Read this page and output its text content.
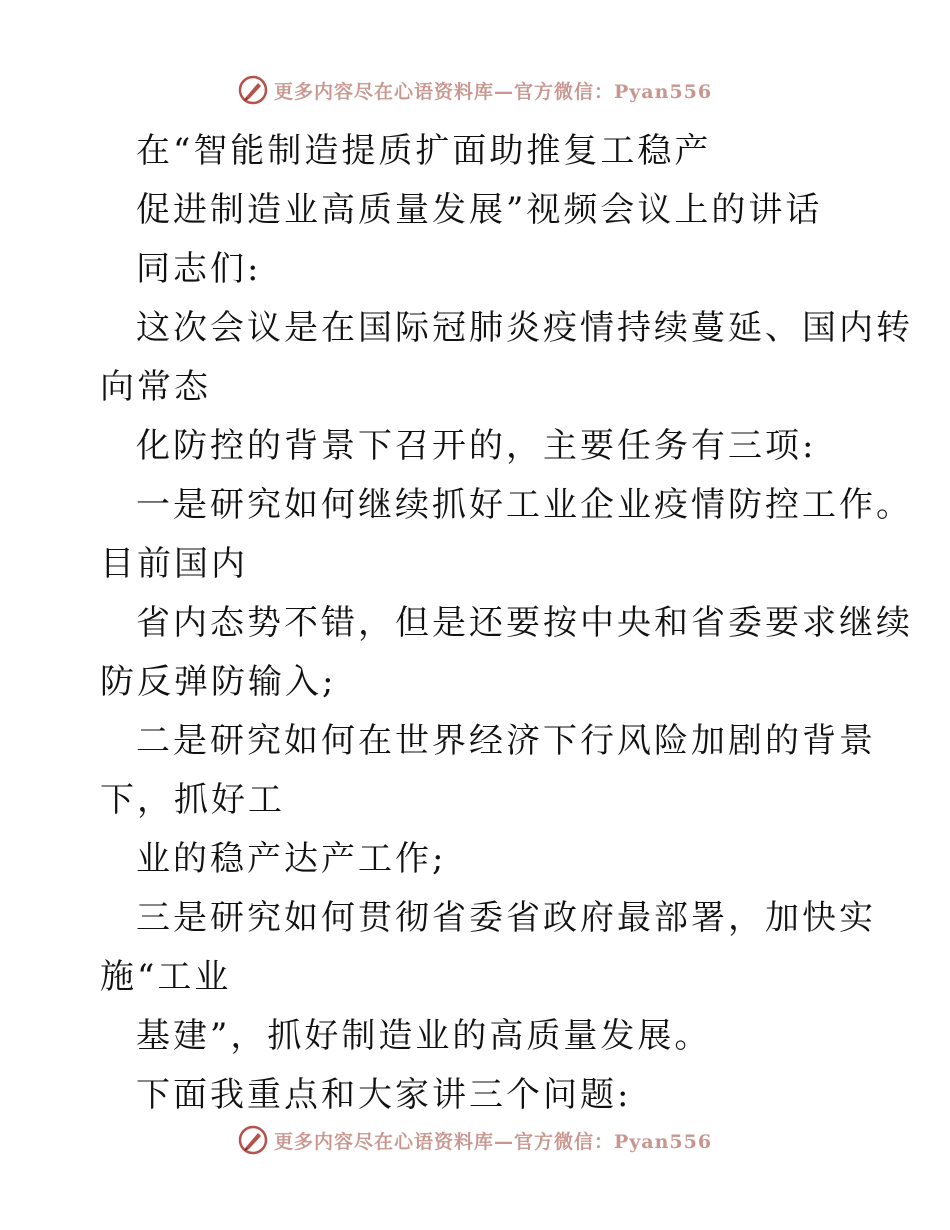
更多内容尽在心语资料库—官方微信：Pyan556
在“智能制造提质扩面助推复工稳产
促进制造业高质量发展”视频会议上的讲话
同志们:
这次会议是在国际冠肺炎疫情持续蔓延、国内转
向常态
化防控的背景下召开的，主要任务有三项:
一是研究如何继续抓好工业企业疫情防控工作。
目前国内
省内态势不错，但是还要按中央和省委要求继续
防反弹防输入;
二是研究如何在世界经济下行风险加剧的背景
下，抓好工
业的稳产达产工作;
三是研究如何贯彻省委省政府最部署，加快实
施“工业
基建”，抓好制造业的高质量发展。
下面我重点和大家讲三个问题:
更多内容尽在心语资料库—官方微信：Pyan556
